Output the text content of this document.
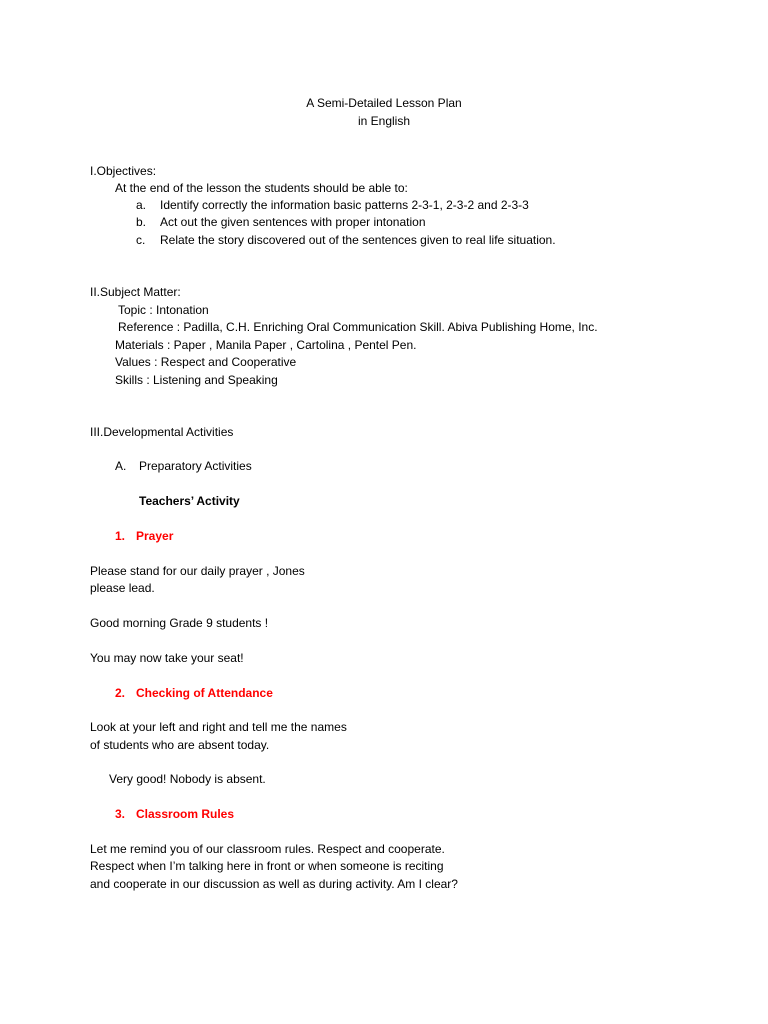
A Semi-Detailed Lesson Plan
in English
I.Objectives:
At the end of the lesson the students should be able to:
a. Identify correctly the information basic patterns 2-3-1, 2-3-2 and 2-3-3
b. Act out the given sentences with proper intonation
c. Relate the story discovered out of the sentences given to real life situation.
II.Subject Matter:
Topic : Intonation
Reference : Padilla, C.H. Enriching Oral Communication Skill. Abiva Publishing Home, Inc.
Materials : Paper , Manila Paper , Cartolina , Pentel Pen.
Values : Respect and Cooperative
Skills : Listening and Speaking
III.Developmental Activities
A. Preparatory Activities
Teachers’ Activity
1. Prayer
Please stand for our daily prayer , Jones
please lead.
Good morning Grade 9 students !
You may now take your seat!
2. Checking of Attendance
Look at your left and right and tell me the names
of students who are absent today.
Very good! Nobody is absent.
3. Classroom Rules
Let me remind you of our classroom rules. Respect and cooperate.
Respect when I’m talking here in front or when someone is reciting
and cooperate in our discussion as well as during activity. Am I clear?
